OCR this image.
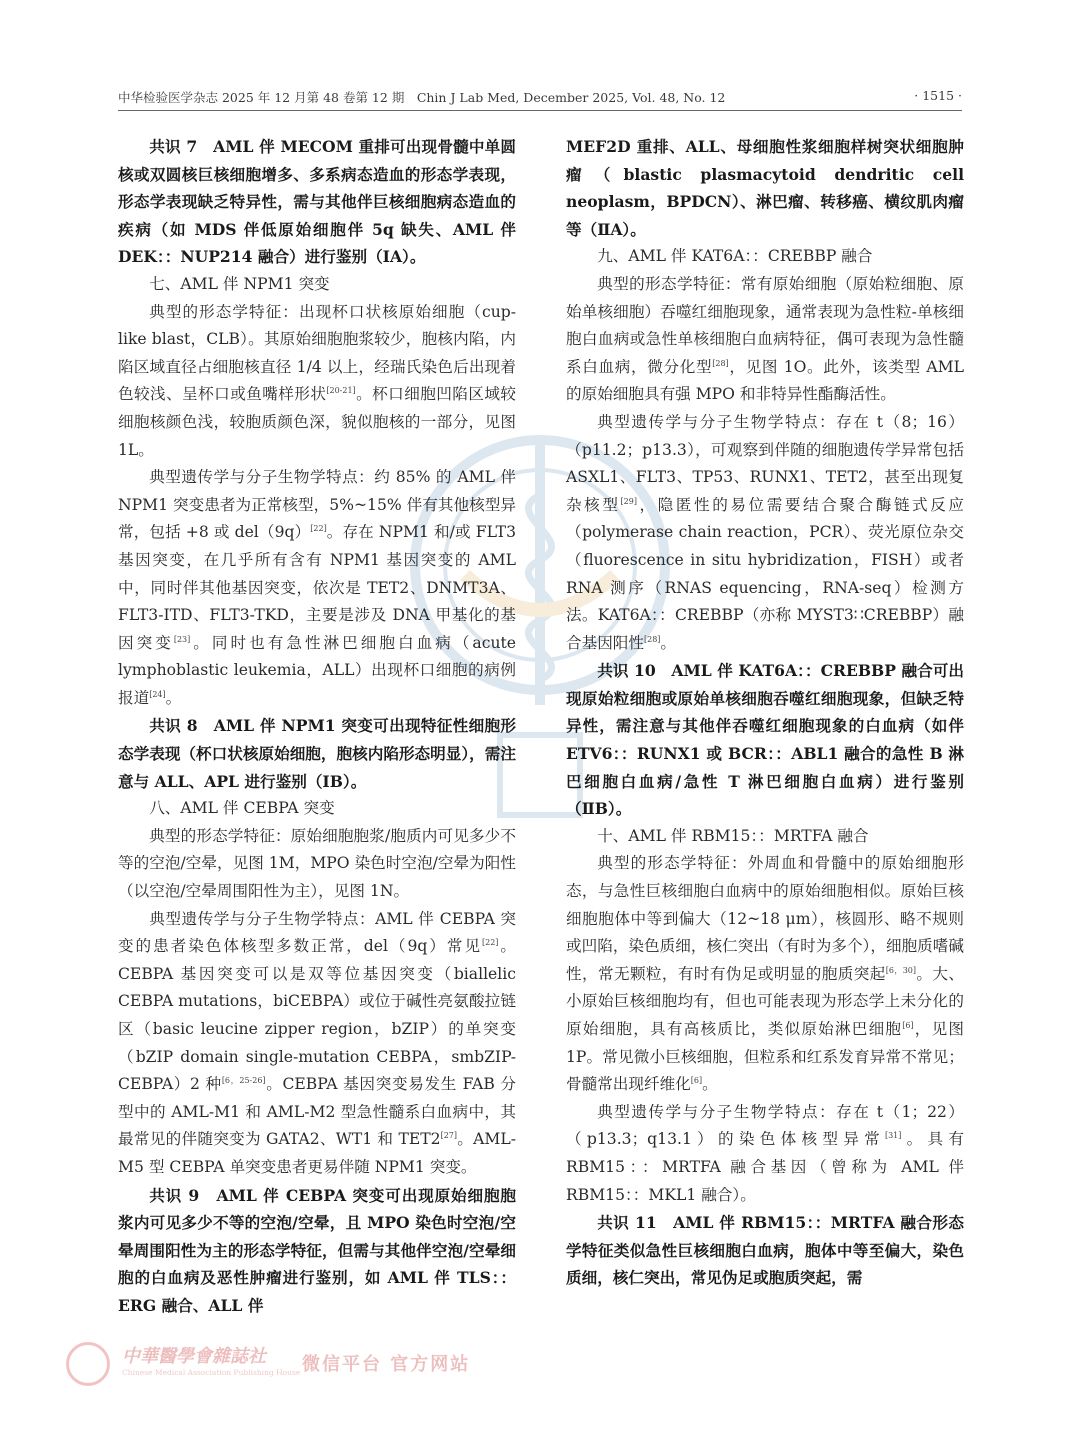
中华检验医学杂志 2025 年 12 月第 48 卷第 12 期　Chin J Lab Med, December 2025, Vol. 48, No. 12	· 1515 ·

共识 7　AML 伴 MECOM 重排可出现骨髓中单圆核或双圆核巨核细胞增多、多系病态造血的形态学表现，形态学表现缺乏特异性，需与其他伴巨核细胞病态造血的疾病（如 MDS 伴低原始细胞伴 5q 缺失、AML 伴 DEK：：NUP214 融合）进行鉴别（ⅠA）。

七、AML 伴 NPM1 突变

典型的形态学特征：出现杯口状核原始细胞（cup-like blast，CLB）。其原始细胞胞浆较少，胞核内陷，内陷区域直径占细胞核直径 1/4 以上，经瑞氏染色后出现着色较浅、呈杯口或鱼嘴样形状[20-21]。杯口细胞凹陷区域较细胞核颜色浅，较胞质颜色深，貌似胞核的一部分，见图 1L。

典型遗传学与分子生物学特点：约 85% 的 AML 伴 NPM1 突变患者为正常核型，5%~15% 伴有其他核型异常，包括 +8 或 del（9q）[22]。存在 NPM1 和/或 FLT3 基因突变，在几乎所有含有 NPM1 基因突变的 AML 中，同时伴其他基因突变，依次是 TET2、DNMT3A、FLT3-ITD、FLT3-TKD，主要是涉及 DNA 甲基化的基因突变[23]。同时也有急性淋巴细胞白血病（acute lymphoblastic leukemia，ALL）出现杯口细胞的病例报道[24]。

共识 8　AML 伴 NPM1 突变可出现特征性细胞形态学表现（杯口状核原始细胞，胞核内陷形态明显），需注意与 ALL、APL 进行鉴别（ⅠB）。

八、AML 伴 CEBPA 突变

典型的形态学特征：原始细胞胞浆/胞质内可见多少不等的空泡/空晕，见图 1M，MPO 染色时空泡/空晕为阳性（以空泡/空晕周围阳性为主），见图 1N。

典型遗传学与分子生物学特点：AML 伴 CEBPA 突变的患者染色体核型多数正常，del（9q）常见[22]。CEBPA 基因突变可以是双等位基因突变（biallelic CEBPA mutations，biCEBPA）或位于碱性亮氨酸拉链区（basic leucine zipper region，bZIP）的单突变（bZIP domain single-mutation CEBPA，smbZIP-CEBPA）2 种[6，25-26]。CEBPA 基因突变易发生 FAB 分型中的 AML-M1 和 AML-M2 型急性髓系白血病中，其最常见的伴随突变为 GATA2、WT1 和 TET2[27]。AML-M5 型 CEBPA 单突变患者更易伴随 NPM1 突变。

共识 9　AML 伴 CEBPA 突变可出现原始细胞胞浆内可见多少不等的空泡/空晕，且 MPO 染色时空泡/空晕周围阳性为主的形态学特征，但需与其他伴空泡/空晕细胞的白血病及恶性肿瘤进行鉴别，如 AML 伴 TLS：：ERG 融合、ALL 伴

MEF2D 重排、ALL、母细胞性浆细胞样树突状细胞肿瘤（blastic plasmacytoid dendritic cell neoplasm，BPDCN）、淋巴瘤、转移癌、横纹肌肉瘤等（ⅡA）。

九、AML 伴 KAT6A：：CREBBP 融合

典型的形态学特征：常有原始细胞（原始粒细胞、原始单核细胞）吞噬红细胞现象，通常表现为急性粒-单核细胞白血病或急性单核细胞白血病特征，偶可表现为急性髓系白血病，微分化型[28]，见图 1O。此外，该类型 AML 的原始细胞具有强 MPO 和非特异性酯酶活性。

典型遗传学与分子生物学特点：存在 t（8；16）（p11.2；p13.3），可观察到伴随的细胞遗传学异常包括 ASXL1、FLT3、TP53、RUNX1、TET2，甚至出现复杂核型[29]，隐匿性的易位需要结合聚合酶链式反应（polymerase chain reaction，PCR）、荧光原位杂交（fluorescence in situ hybridization，FISH）或者 RNA 测序（RNAS equencing，RNA-seq）检测方法。KAT6A：：CREBBP（亦称 MYST3∷CREBBP）融合基因阳性[28]。

共识 10　AML 伴 KAT6A：：CREBBP 融合可出现原始粒细胞或原始单核细胞吞噬红细胞现象，但缺乏特异性，需注意与其他伴吞噬红细胞现象的白血病（如伴 ETV6：：RUNX1 或 BCR：：ABL1 融合的急性 B 淋巴细胞白血病/急性 T 淋巴细胞白血病）进行鉴别（ⅡB）。

十、AML 伴 RBM15：：MRTFA 融合

典型的形态学特征：外周血和骨髓中的原始细胞形态，与急性巨核细胞白血病中的原始细胞相似。原始巨核细胞胞体中等到偏大（12~18 μm），核圆形、略不规则或凹陷，染色质细，核仁突出（有时为多个），细胞质嗜碱性，常无颗粒，有时有伪足或明显的胞质突起[6，30]。大、小原始巨核细胞均有，但也可能表现为形态学上未分化的原始细胞，具有高核质比，类似原始淋巴细胞[6]，见图 1P。常见微小巨核细胞，但粒系和红系发育异常不常见；骨髓常出现纤维化[6]。

典型遗传学与分子生物学特点：存在 t（1；22）（p13.3；q13.1）的染色体核型异常[31]。具有 RBM15：：MRTFA 融合基因（曾称为 AML 伴 RBM15：：MKL1 融合）。

共识 11　AML 伴 RBM15：：MRTFA 融合形态学特征类似急性巨核细胞白血病，胞体中等至偏大，染色质细，核仁突出，常见伪足或胞质突起，需

中華醫學會雜誌社
Chinese Medical Association Publishing House 微信平台 官方网站
